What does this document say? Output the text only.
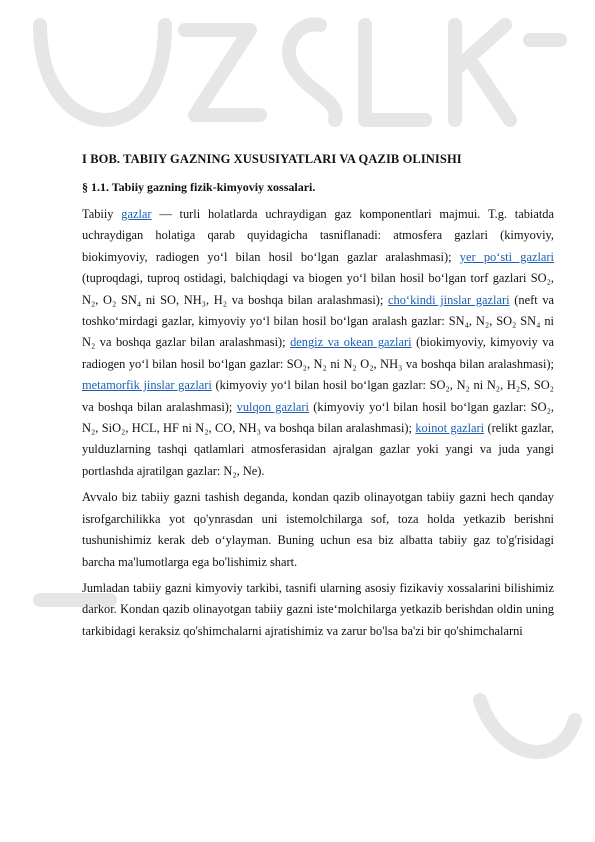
I BOB. TABIIY GAZNING XUSUSIYATLARI VA QAZIB OLINISHI
§ 1.1. Tabiiy gazning fizik-kimyoviy xossalari.

Tabiiy gazlar — turli holatlarda uchraydigan gaz komponentlari majmui. T.g. tabiatda uchraydigan holatiga qarab quyidagicha tasniflanadi: atmosfera gazlari (kimyoviy, biokimyoviy, radiogen yoʻl bilan hosil boʻlgan gazlar aralashmasi); yer poʻsti gazlari (tuproqdagi, tuproq ostidagi, balchiqdagi va biogen yoʻl bilan hosil boʻlgan torf gazlari SO₂, N₂, O₂ SN₄ ni SO, NH₃, H₂ va boshqa bilan aralashmasi); choʻkindi jinslar gazlari (neft va toshkoʻmirdagi gazlar, kimyoviy yoʻl bilan hosil boʻlgan aralash gazlar: SN₄, N₂, SO₂ SN₄ ni N₂ va boshqa gazlar bilan aralashmasi); dengiz va okean gazlari (biokimyoviy, kimyoviy va radiogen yoʻl bilan hosil boʻlgan gazlar: SO₂, N₂ ni N₂ O₂, NH₃ va boshqa bilan aralashmasi); metamorfik jinslar gazlari (kimyoviy yoʻl bilan hosil boʻlgan gazlar: SO₂, N₂ ni N₂, H₂S, SO₂ va boshqa bilan aralashmasi); vulqon gazlari (kimyoviy yoʻl bilan hosil boʻlgan gazlar: SO₂, N₂, SiO₂, HCL, HF ni N₂, CO, NH₃ va boshqa bilan aralashmasi); koinot gazlari (relikt gazlar, yulduzlarning tashqi qatlamlari atmosferasidan ajralgan gazlar yoki yangi va juda yangi portlashda ajratilgan gazlar: N₂, Ne).

Avvalo biz tabiiy gazni tashish deganda, kondan qazib olinayotgan tabiiy gazni hech qanday isrofgarchilikka yot qo'ynrasdan uni istemolchilarga sof, toza holda yetkazib berishni tushunishimiz kerak deb oʻylayman. Buning uchun esa biz albatta tabiiy gaz to'g'risidagi barcha ma'lumotlarga ega bo'lishimiz shart.

Jumladan tabiiy gazni kimyoviy tarkibi, tasnifi ularning asosiy fizikaviy xossalarini bilishimiz darkor. Kondan qazib olinayotgan tabiiy gazni isteʻmolchilarga yetkazib berishdan oldin uning tarkibidagi keraksiz qo'shimchalarni ajratishimiz va zarur bo'lsa ba'zi bir qo'shimchalarni
